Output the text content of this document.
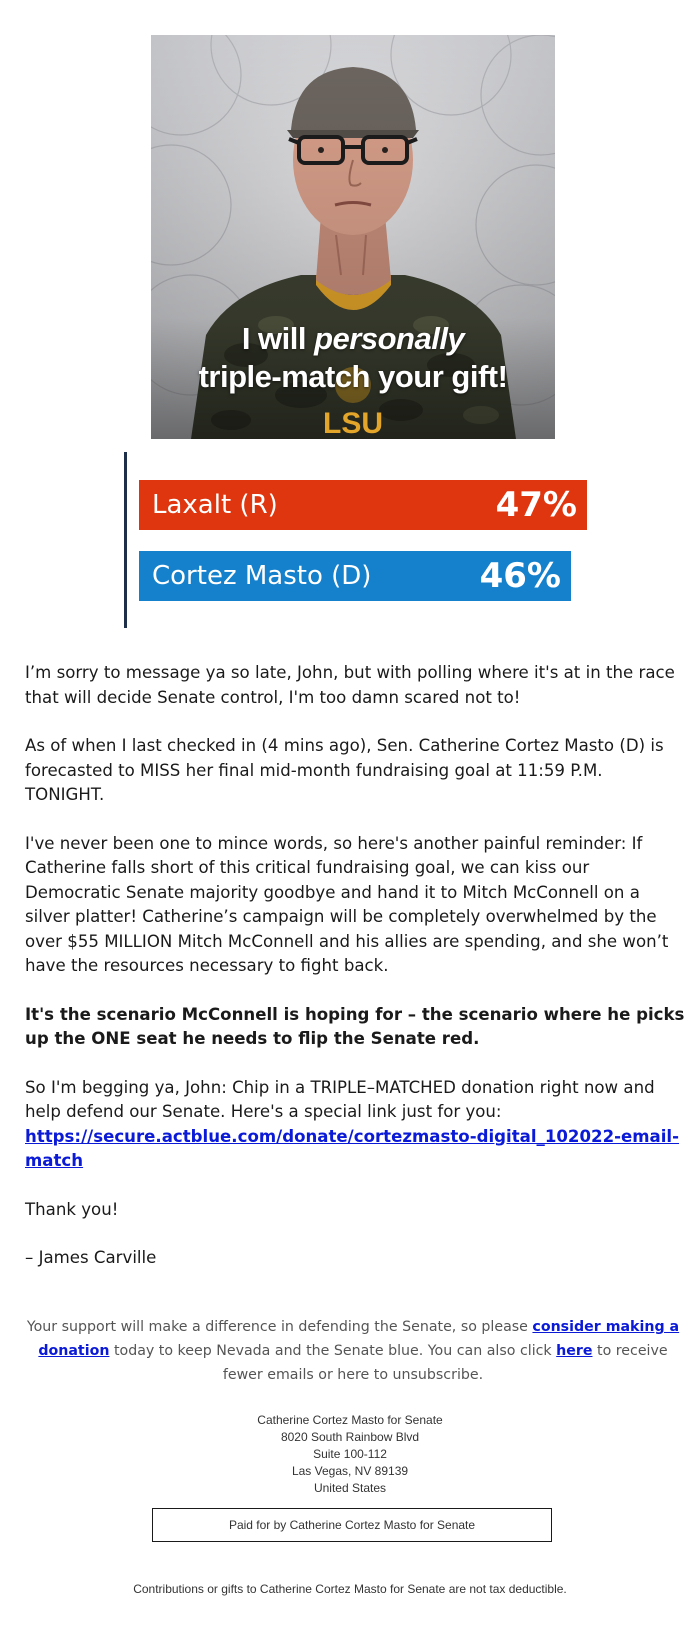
LSU
I will personally
triple-match your gift!
Laxalt (R)	47%
Cortez Masto (D)	46%

I’m sorry to message ya so late, John, but with polling where it's at in the race that will decide Senate control, I'm too damn scared not to!

As of when I last checked in (4 mins ago), Sen. Catherine Cortez Masto (D) is forecasted to MISS her final mid-month fundraising goal at 11:59 P.M. TONIGHT.

I've never been one to mince words, so here's another painful reminder: If Catherine falls short of this critical fundraising goal, we can kiss our Democratic Senate majority goodbye and hand it to Mitch McConnell on a silver platter! Catherine’s campaign will be completely overwhelmed by the over $55 MILLION Mitch McConnell and his allies are spending, and she won’t have the resources necessary to fight back.

It's the scenario McConnell is hoping for – the scenario where he picks up the ONE seat he needs to flip the Senate red.

So I'm begging ya, John: Chip in a TRIPLE–MATCHED donation right now and help defend our Senate. Here's a special link just for you:
https://secure.actblue.com/donate/cortezmasto-digital_102022-email-match

Thank you!

– James Carville

Your support will make a difference in defending the Senate, so please consider making a donation today to keep Nevada and the Senate blue. You can also click here to receive fewer emails or here to unsubscribe.
Catherine Cortez Masto for Senate
8020 South Rainbow Blvd
Suite 100-112
Las Vegas, NV 89139
United States
Paid for by Catherine Cortez Masto for Senate
Contributions or gifts to Catherine Cortez Masto for Senate are not tax deductible.
